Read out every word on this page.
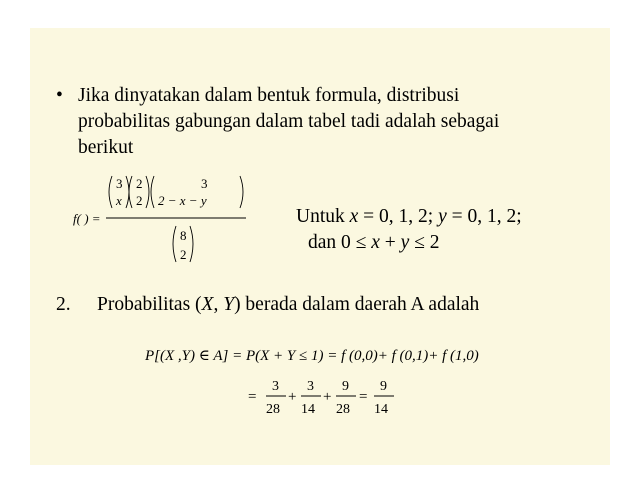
• Jika dinyatakan dalam bentuk formula, distribusi
probabilitas gabungan dalam tabel tadi adalah sebagai
berikut
f( ) =
3
x
2
2
3
2 − x − y
8
2
Untuk x = 0, 1, 2; y = 0, 1, 2;
dan 0 ≤ x + y ≤ 2
2. Probabilitas (X, Y) berada dalam daerah A adalah
P[(X ,Y) ∈ A] = P(X + Y ≤ 1) = f (0,0)+ f (0,1)+ f (1,0)
=
3
28
+
3
14
+
9
28
=
9
14
